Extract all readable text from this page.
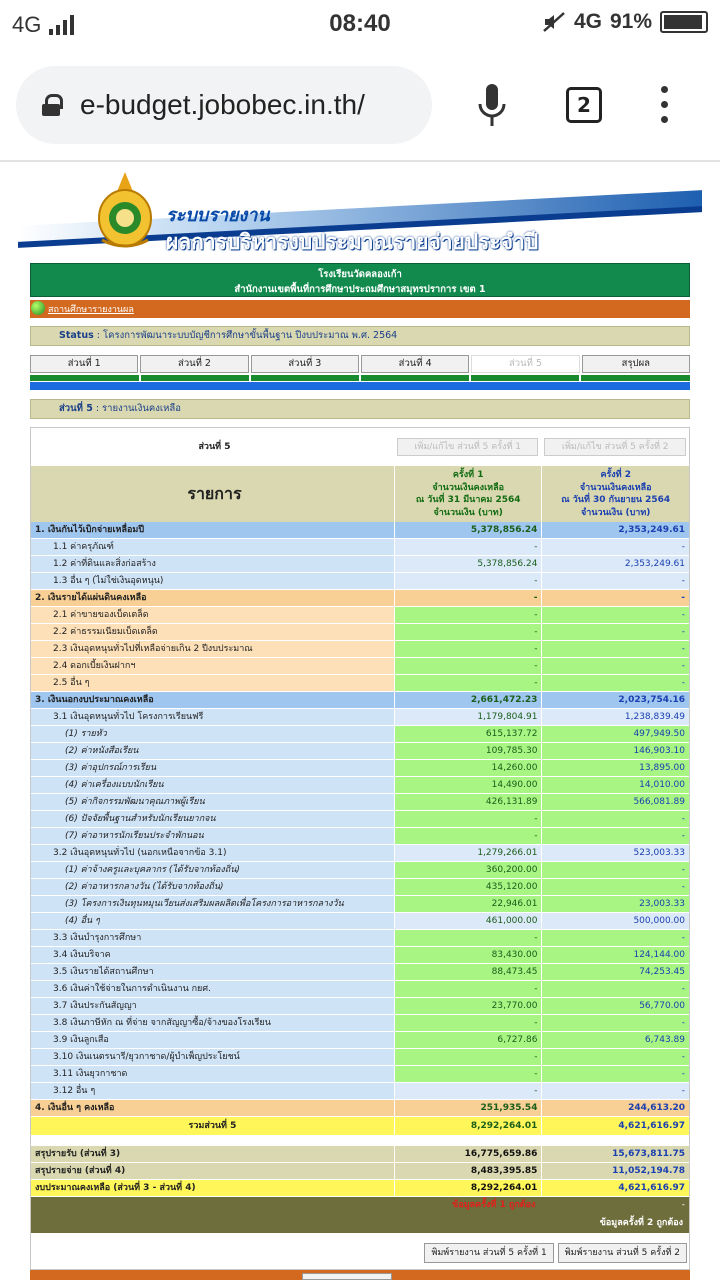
4G	08:40	4G 91%
e-budget.jobobec.in.th/	2
ระบบรายงาน
ผลการบริหารงบประมาณรายจ่ายประจำปี
โรงเรียนวัดคลองเก้า
สำนักงานเขตพื้นที่การศึกษาประถมศึกษาสมุทรปราการ เขต 1
สถานศึกษารายงานผล
Status : โครงการพัฒนาระบบบัญชีการศึกษาขั้นพื้นฐาน ปีงบประมาณ พ.ศ. 2564
ส่วนที่ 1	ส่วนที่ 2	ส่วนที่ 3	ส่วนที่ 4	ส่วนที่ 5	สรุปผล
ส่วนที่ 5 : รายงานเงินคงเหลือ
ส่วนที่ 5	เพิ่ม/แก้ไข ส่วนที่ 5 ครั้งที่ 1	เพิ่ม/แก้ไข ส่วนที่ 5 ครั้งที่ 2
รายการ
ครั้งที่ 1
จำนวนเงินคงเหลือ
ณ วันที่ 31 มีนาคม 2564
จำนวนเงิน (บาท)
ครั้งที่ 2
จำนวนเงินคงเหลือ
ณ วันที่ 30 กันยายน 2564
จำนวนเงิน (บาท)
1. เงินกันไว้เบิกจ่ายเหลื่อมปี	5,378,856.24	2,353,249.61
1.1 ค่าครุภัณฑ์	-	-
1.2 ค่าที่ดินและสิ่งก่อสร้าง	5,378,856.24	2,353,249.61
1.3 อื่น ๆ (ไม่ใช่เงินอุดหนุน)	-	-
2. เงินรายได้แผ่นดินคงเหลือ	-	-
2.1 ค่าขายของเบ็ดเตล็ด	-	-
2.2 ค่าธรรมเนียมเบ็ดเตล็ด	-	-
2.3 เงินอุดหนุนทั่วไปที่เหลือจ่ายเกิน 2 ปีงบประมาณ	-	-
2.4 ดอกเบี้ยเงินฝากฯ	-	-
2.5 อื่น ๆ	-	-
3. เงินนอกงบประมาณคงเหลือ	2,661,472.23	2,023,754.16
3.1 เงินอุดหนุนทั่วไป โครงการเรียนฟรี	1,179,804.91	1,238,839.49
(1) รายหัว	615,137.72	497,949.50
(2) ค่าหนังสือเรียน	109,785.30	146,903.10
(3) ค่าอุปกรณ์การเรียน	14,260.00	13,895.00
(4) ค่าเครื่องแบบนักเรียน	14,490.00	14,010.00
(5) ค่ากิจกรรมพัฒนาคุณภาพผู้เรียน	426,131.89	566,081.89
(6) ปัจจัยพื้นฐานสำหรับนักเรียนยากจน	-	-
(7) ค่าอาหารนักเรียนประจำพักนอน	-	-
3.2 เงินอุดหนุนทั่วไป (นอกเหนือจากข้อ 3.1)	1,279,266.01	523,003.33
(1) ค่าจ้างครูและบุคลากร (ได้รับจากท้องถิ่น)	360,200.00	-
(2) ค่าอาหารกลางวัน (ได้รับจากท้องถิ่น)	435,120.00	-
(3) โครงการเงินทุนหมุนเวียนส่งเสริมผลผลิตเพื่อโครงการอาหารกลางวัน	22,946.01	23,003.33
(4) อื่น ๆ	461,000.00	500,000.00
3.3 เงินบำรุงการศึกษา	-	-
3.4 เงินบริจาค	83,430.00	124,144.00
3.5 เงินรายได้สถานศึกษา	88,473.45	74,253.45
3.6 เงินค่าใช้จ่ายในการดำเนินงาน กยศ.	-	-
3.7 เงินประกันสัญญา	23,770.00	56,770.00
3.8 เงินภาษีหัก ณ ที่จ่าย จากสัญญาซื้อ/จ้างของโรงเรียน	-	-
3.9 เงินลูกเสือ	6,727.86	6,743.89
3.10 เงินเนตรนารี/ยุวกาชาด/ผู้บำเพ็ญประโยชน์	-	-
3.11 เงินยุวกาชาด	-	-
3.12 อื่น ๆ	-	-
4. เงินอื่น ๆ คงเหลือ	251,935.54	244,613.20
รวมส่วนที่ 5	8,292,264.01	4,621,616.97
สรุปรายรับ (ส่วนที่ 3)	16,775,659.86	15,673,811.75
สรุปรายจ่าย (ส่วนที่ 4)	8,483,395.85	11,052,194.78
งบประมาณคงเหลือ (ส่วนที่ 3 - ส่วนที่ 4)	8,292,264.01	4,621,616.97
ข้อมูลครั้งที่ 1 ถูกต้อง	-
ข้อมูลครั้งที่ 2 ถูกต้อง
พิมพ์รายงาน ส่วนที่ 5 ครั้งที่ 1	พิมพ์รายงาน ส่วนที่ 5 ครั้งที่ 2
